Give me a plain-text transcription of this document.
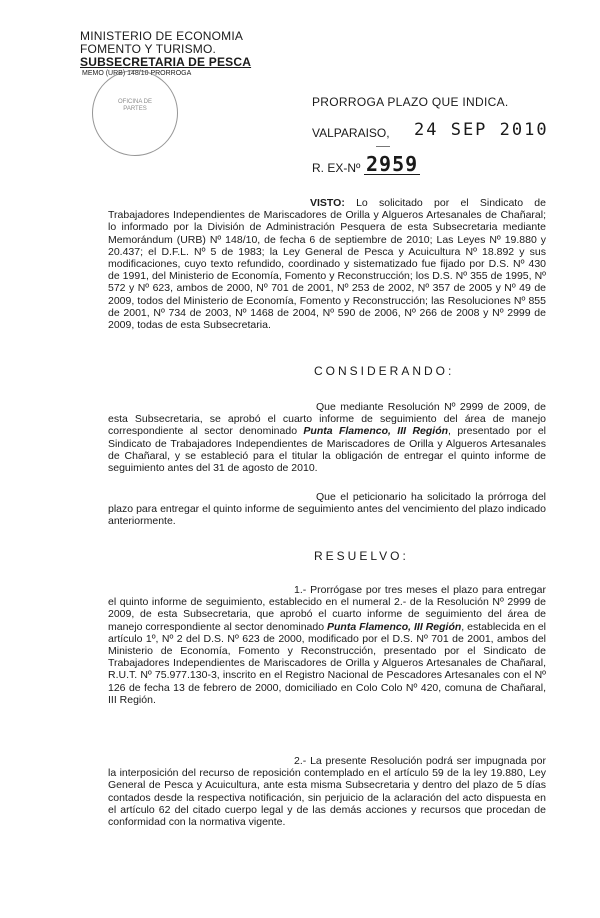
MINISTERIO DE ECONOMIA
FOMENTO Y TURISMO.
SUBSECRETARIA DE PESCA
MEMO (URB) 148/10 PRORROGA
OFICINA DE PARTES	PRORROGA PLAZO QUE INDICA.
VALPARAISO, 24 SEP 2010
R. EX-Nº 2959

VISTO: Lo solicitado por el Sindicato de Trabajadores Independientes de Mariscadores de Orilla y Algueros Artesanales de Chañaral; lo informado por la División de Administración Pesquera de esta Subsecretaria mediante Memorándum (URB) Nº 148/10, de fecha 6 de septiembre de 2010; Las Leyes Nº 19.880 y 20.437; el D.F.L. Nº 5 de 1983; la Ley General de Pesca y Acuicultura Nº 18.892 y sus modificaciones, cuyo texto refundido, coordinado y sistematizado fue fijado por D.S. Nº 430 de 1991, del Ministerio de Economía, Fomento y Reconstrucción; los D.S. Nº 355 de 1995, Nº 572 y Nº 623, ambos de 2000, Nº 701 de 2001, Nº 253 de 2002, Nº 357 de 2005 y Nº 49 de 2009, todos del Ministerio de Economía, Fomento y Reconstrucción; las Resoluciones Nº 855 de 2001, Nº 734 de 2003, Nº 1468 de 2004, Nº 590 de 2006, Nº 266 de 2008 y Nº 2999 de 2009, todas de esta Subsecretaria.

CONSIDERANDO:

Que mediante Resolución Nº 2999 de 2009, de esta Subsecretaria, se aprobó el cuarto informe de seguimiento del área de manejo correspondiente al sector denominado Punta Flamenco, III Región, presentado por el Sindicato de Trabajadores Independientes de Mariscadores de Orilla y Algueros Artesanales de Chañaral, y se estableció para el titular la obligación de entregar el quinto informe de seguimiento antes del 31 de agosto de 2010.

Que el peticionario ha solicitado la prórroga del plazo para entregar el quinto informe de seguimiento antes del vencimiento del plazo indicado anteriormente.

RESUELVO:

1.- Prorrógase por tres meses el plazo para entregar el quinto informe de seguimiento, establecido en el numeral 2.- de la Resolución Nº 2999 de 2009, de esta Subsecretaria, que aprobó el cuarto informe de seguimiento del área de manejo correspondiente al sector denominado Punta Flamenco, III Región, establecida en el artículo 1º, Nº 2 del D.S. Nº 623 de 2000, modificado por el D.S. Nº 701 de 2001, ambos del Ministerio de Economía, Fomento y Reconstrucción, presentado por el Sindicato de Trabajadores Independientes de Mariscadores de Orilla y Algueros Artesanales de Chañaral, R.U.T. Nº 75.977.130-3, inscrito en el Registro Nacional de Pescadores Artesanales con el Nº 126 de fecha 13 de febrero de 2000, domiciliado en Colo Colo Nº 420, comuna de Chañaral, III Región.

2.- La presente Resolución podrá ser impugnada por la interposición del recurso de reposición contemplado en el artículo 59 de la ley 19.880, Ley General de Pesca y Acuicultura, ante esta misma Subsecretaria y dentro del plazo de 5 días contados desde la respectiva notificación, sin perjuicio de la aclaración del acto dispuesta en el artículo 62 del citado cuerpo legal y de las demás acciones y recursos que procedan de conformidad con la normativa vigente.
